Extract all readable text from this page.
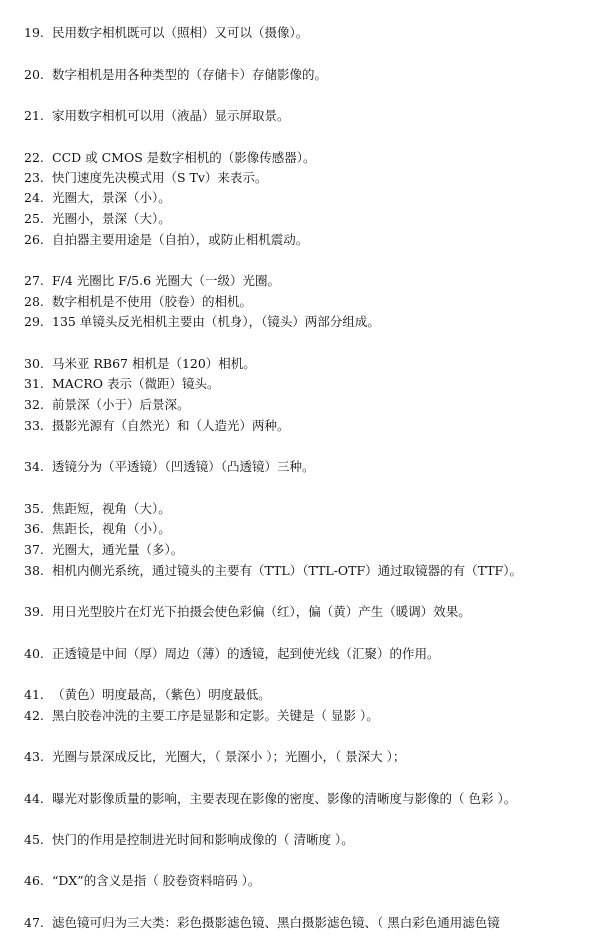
19. 民用数字相机既可以（照相）又可以（摄像）。
20. 数字相机是用各种类型的（存储卡）存储影像的。
21. 家用数字相机可以用（液晶）显示屏取景。
22. CCD 或 CMOS 是数字相机的（影像传感器）。
23. 快门速度先决模式用（S Tv）来表示。
24. 光圈大，景深（小）。
25. 光圈小，景深（大）。
26. 自拍器主要用途是（自拍），或防止相机震动。
27. F/4 光圈比 F/5.6 光圈大（一级）光圈。
28. 数字相机是不使用（胶卷）的相机。
29. 135 单镜头反光相机主要由（机身），（镜头）两部分组成。
30. 马米亚 RB67 相机是（120）相机。
31. MACRO 表示（微距）镜头。
32. 前景深（小于）后景深。
33. 摄影光源有（自然光）和（人造光）两种。
34. 透镜分为（平透镜）（凹透镜）（凸透镜）三种。
35. 焦距短，视角（大）。
36. 焦距长，视角（小）。
37. 光圈大，通光量（多）。
38. 相机内侧光系统，通过镜头的主要有（TTL）（TTL-OTF）通过取镜器的有（TTF）。
39. 用日光型胶片在灯光下拍摄会使色彩偏（红），偏（黄）产生（暖调）效果。
40. 正透镜是中间（厚）周边（薄）的透镜，起到使光线（汇聚）的作用。
41. （黄色）明度最高，（紫色）明度最低。
42. 黑白胶卷冲洗的主要工序是显影和定影。关键是（ 显影 ）。
43. 光圈与景深成反比，光圈大，（ 景深小 ）；光圈小，（ 景深大 ）；
44. 曝光对影像质量的影响，主要表现在影像的密度、影像的清晰度与影像的（ 色彩 ）。
45. 快门的作用是控制进光时间和影响成像的（ 清晰度 ）。
46. “DX”的含义是指（ 胶卷资料暗码 ）。
47. 滤色镜可归为三大类：彩色摄影滤色镜、黑白摄影滤色镜、（ 黑白彩色通用滤色镜
